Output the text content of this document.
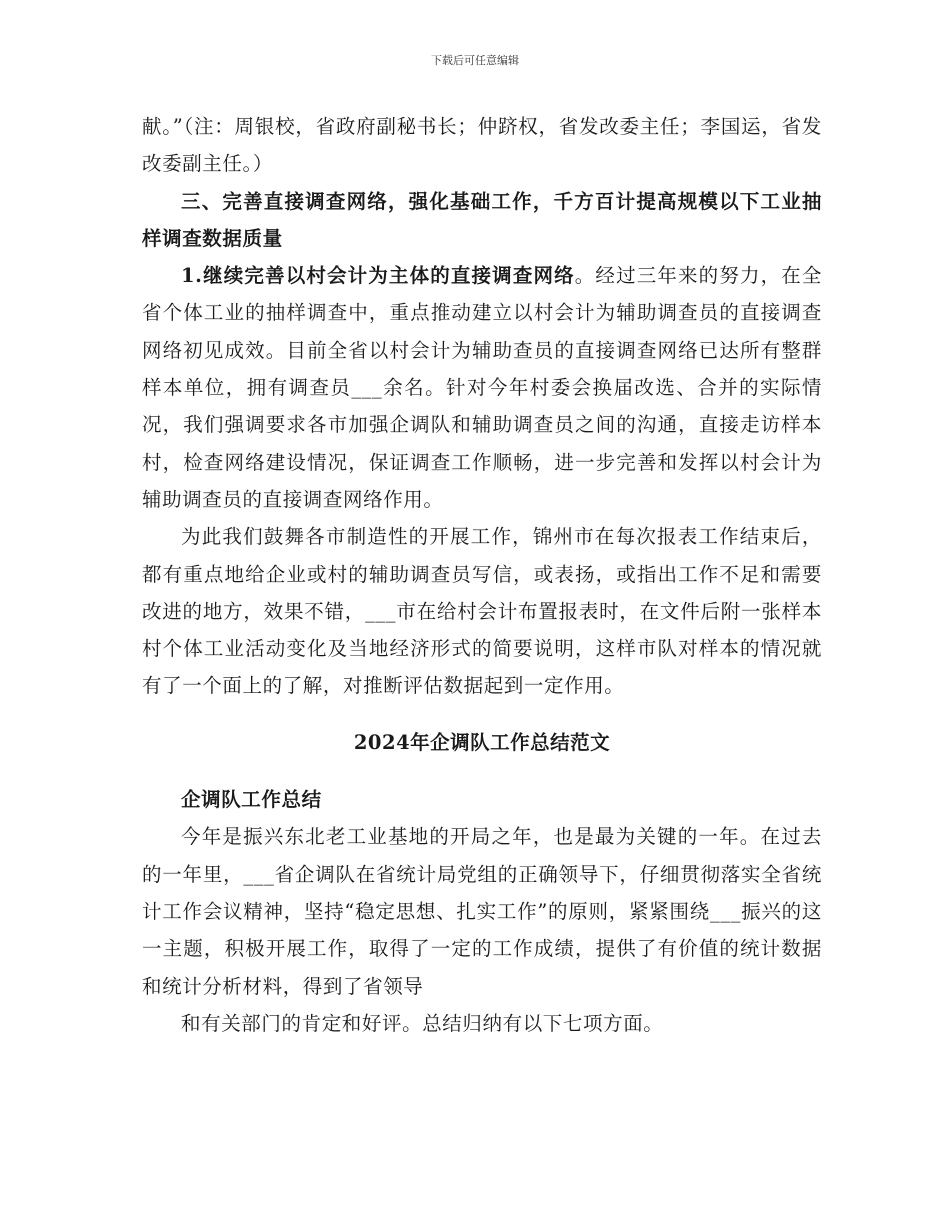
下载后可任意编辑

献。”（注：周银校，省政府副秘书长；仲跻权，省发改委主任；李国运，省发改委副主任。）

三、完善直接调查网络，强化基础工作，千方百计提高规模以下工业抽样调查数据质量

1.继续完善以村会计为主体的直接调查网络。经过三年来的努力，在全省个体工业的抽样调查中，重点推动建立以村会计为辅助调查员的直接调查网络初见成效。目前全省以村会计为辅助查员的直接调查网络已达所有整群样本单位，拥有调查员___余名。针对今年村委会换届改选、合并的实际情况，我们强调要求各市加强企调队和辅助调查员之间的沟通，直接走访样本村，检查网络建设情况，保证调查工作顺畅，进一步完善和发挥以村会计为辅助调查员的直接调查网络作用。

为此我们鼓舞各市制造性的开展工作，锦州市在每次报表工作结束后，都有重点地给企业或村的辅助调查员写信，或表扬，或指出工作不足和需要改进的地方，效果不错，___市在给村会计布置报表时，在文件后附一张样本村个体工业活动变化及当地经济形式的简要说明，这样市队对样本的情况就有了一个面上的了解，对推断评估数据起到一定作用。

2024年企调队工作总结范文

企调队工作总结

今年是振兴东北老工业基地的开局之年，也是最为关键的一年。在过去的一年里，___省企调队在省统计局党组的正确领导下，仔细贯彻落实全省统计工作会议精神，坚持“稳定思想、扎实工作”的原则，紧紧围绕___振兴的这一主题，积极开展工作，取得了一定的工作成绩，提供了有价值的统计数据和统计分析材料，得到了省领导

和有关部门的肯定和好评。总结归纳有以下七项方面。
